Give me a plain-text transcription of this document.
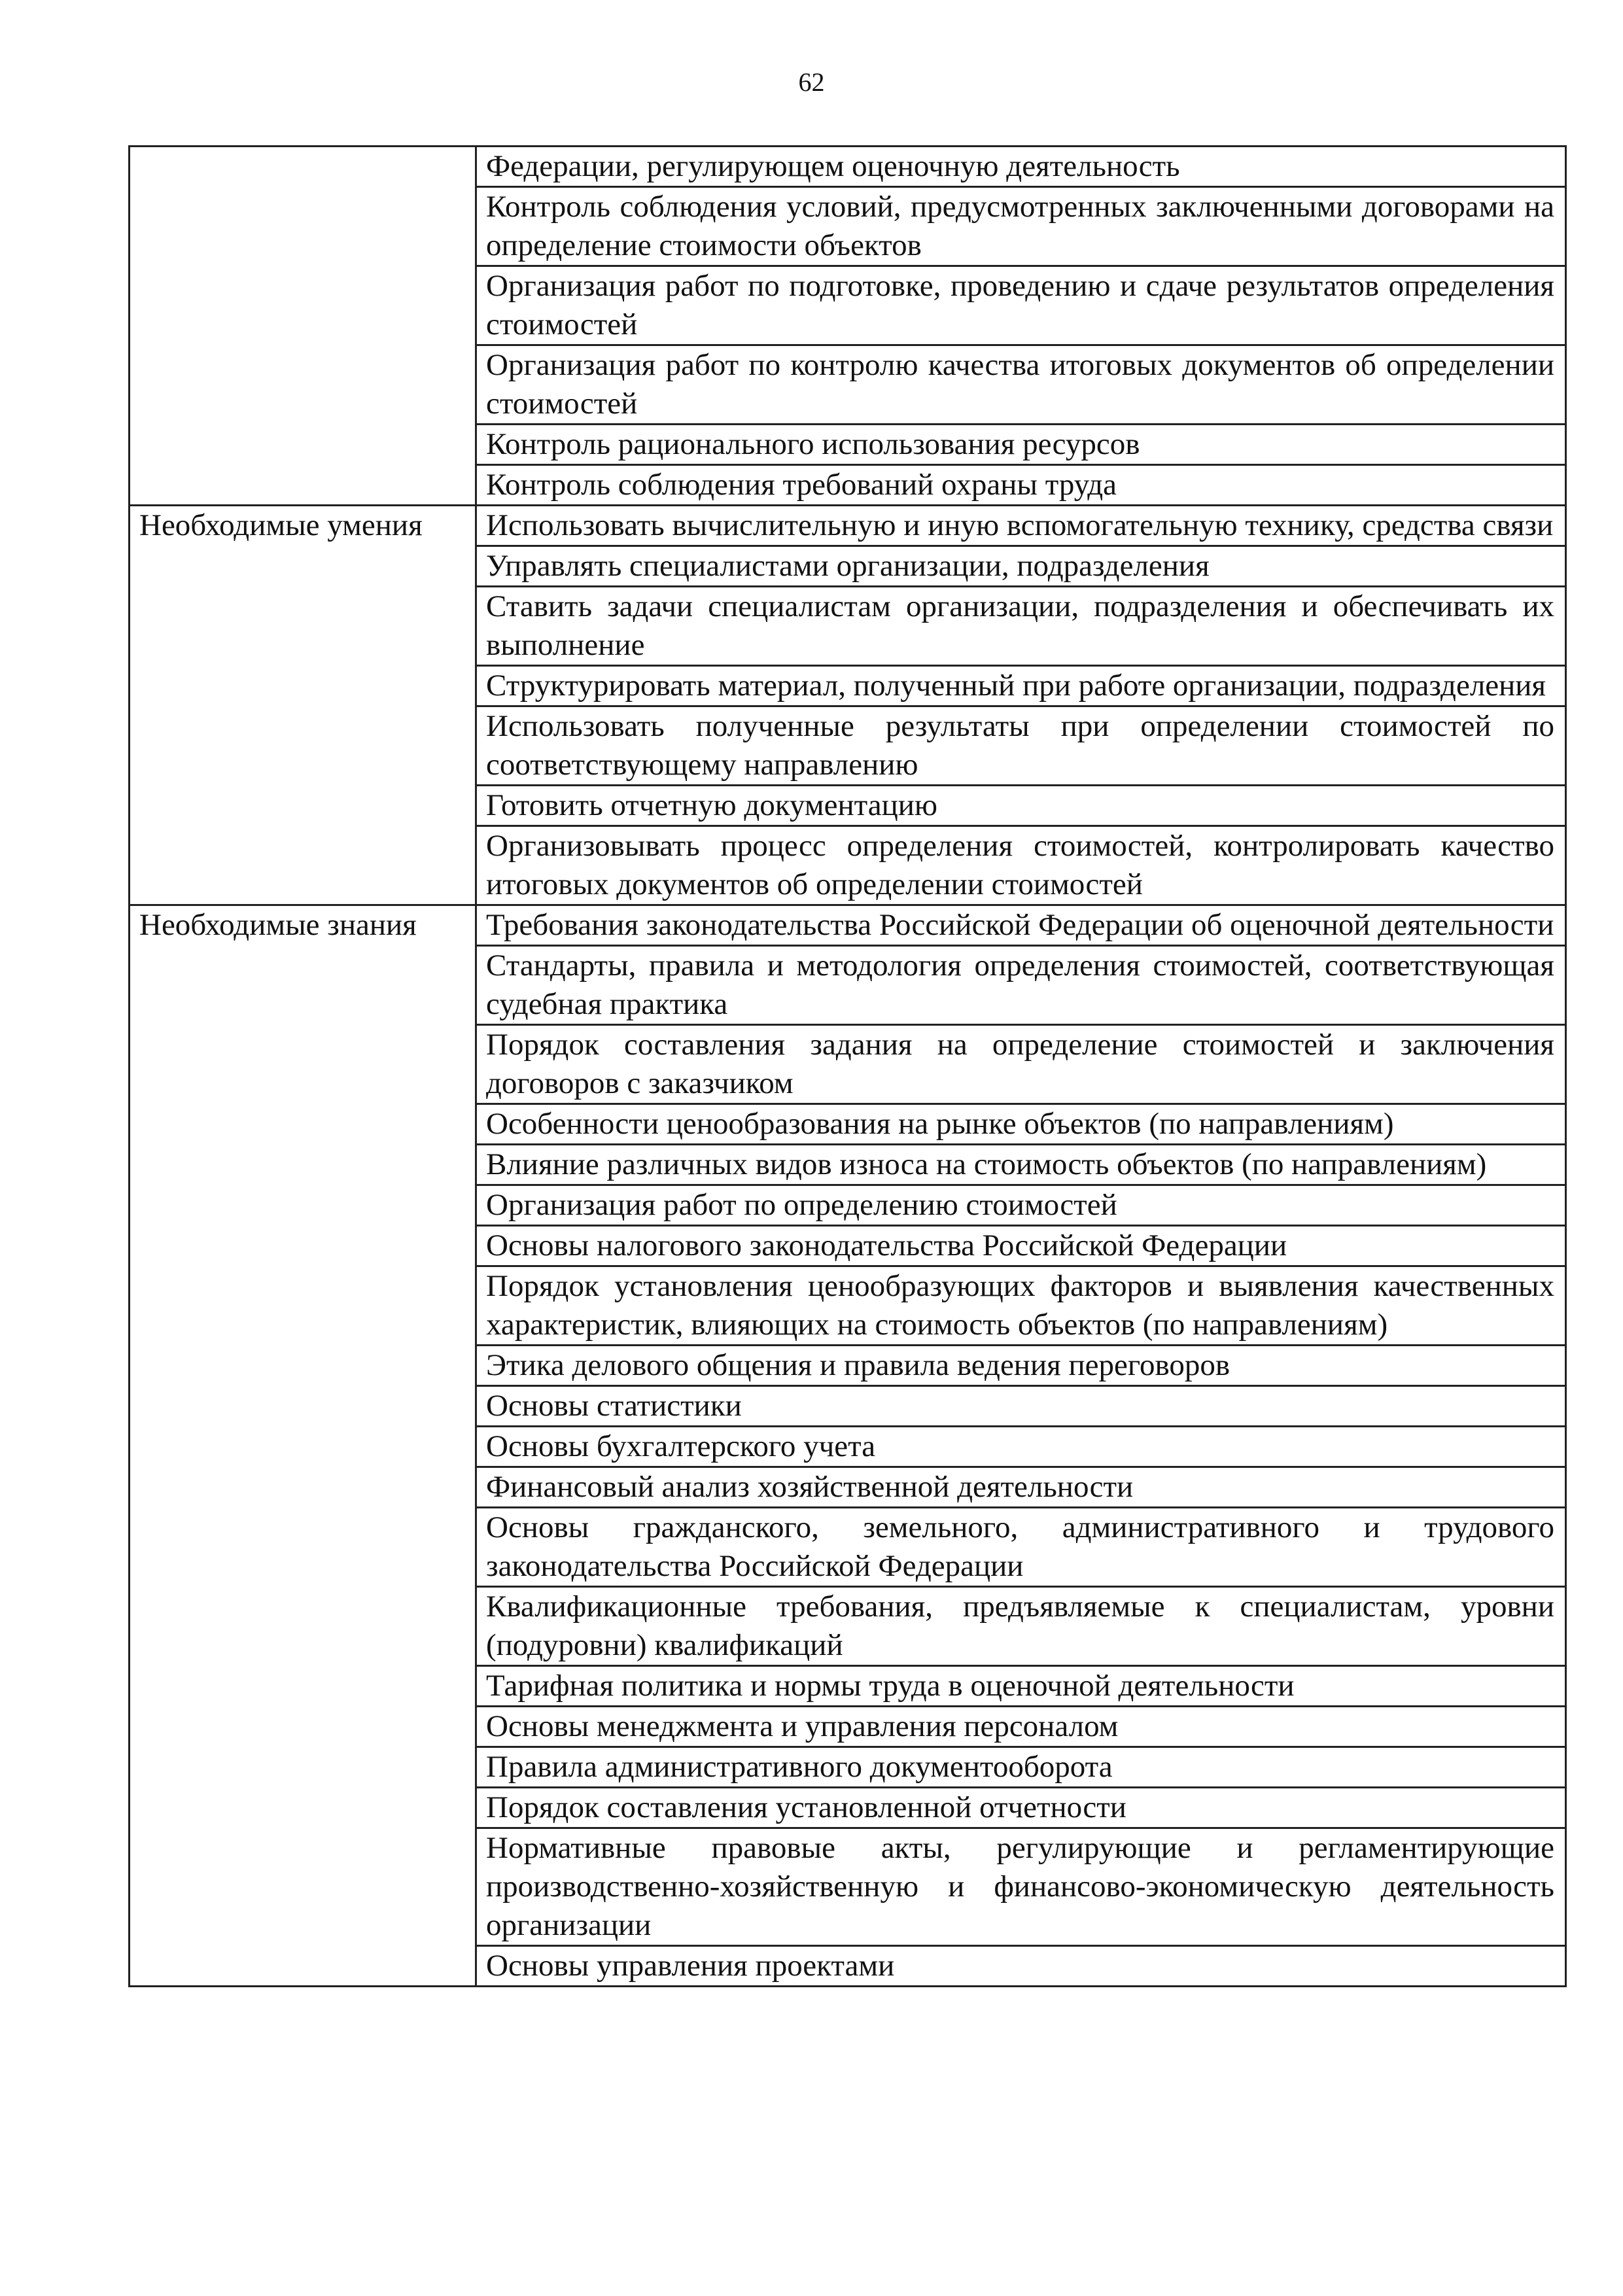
62
	Федерации, регулирующем оценочную деятельность
	Контроль соблюдения условий, предусмотренных заключенными договорами на определение стоимости объектов
	Организация работ по подготовке, проведению и сдаче результатов определения стоимостей
	Организация работ по контролю качества итоговых документов об определении стоимостей
	Контроль рационального использования ресурсов
	Контроль соблюдения требований охраны труда
Необходимые умения	Использовать вычислительную и иную вспомогательную технику, средства связи
	Управлять специалистами организации, подразделения
	Ставить задачи специалистам организации, подразделения и обеспечивать их выполнение
	Структурировать материал, полученный при работе организации, подразделения
	Использовать полученные результаты при определении стоимостей по соответствующему направлению
	Готовить отчетную документацию
	Организовывать процесс определения стоимостей, контролировать качество итоговых документов об определении стоимостей
Необходимые знания	Требования законодательства Российской Федерации об оценочной деятельности
	Стандарты, правила и методология определения стоимостей, соответствующая судебная практика
	Порядок составления задания на определение стоимостей и заключения договоров с заказчиком
	Особенности ценообразования на рынке объектов (по направлениям)
	Влияние различных видов износа на стоимость объектов (по направлениям)
	Организация работ по определению стоимостей
	Основы налогового законодательства Российской Федерации
	Порядок установления ценообразующих факторов и выявления качественных характеристик, влияющих на стоимость объектов (по направлениям)
	Этика делового общения и правила ведения переговоров
	Основы статистики
	Основы бухгалтерского учета
	Финансовый анализ хозяйственной деятельности
	Основы гражданского, земельного, административного и трудового законодательства Российской Федерации
	Квалификационные требования, предъявляемые к специалистам, уровни (подуровни) квалификаций
	Тарифная политика и нормы труда в оценочной деятельности
	Основы менеджмента и управления персоналом
	Правила административного документооборота
	Порядок составления установленной отчетности
	Нормативные правовые акты, регулирующие и регламентирующие производственно-хозяйственную и финансово-экономическую деятельность организации
	Основы управления проектами
